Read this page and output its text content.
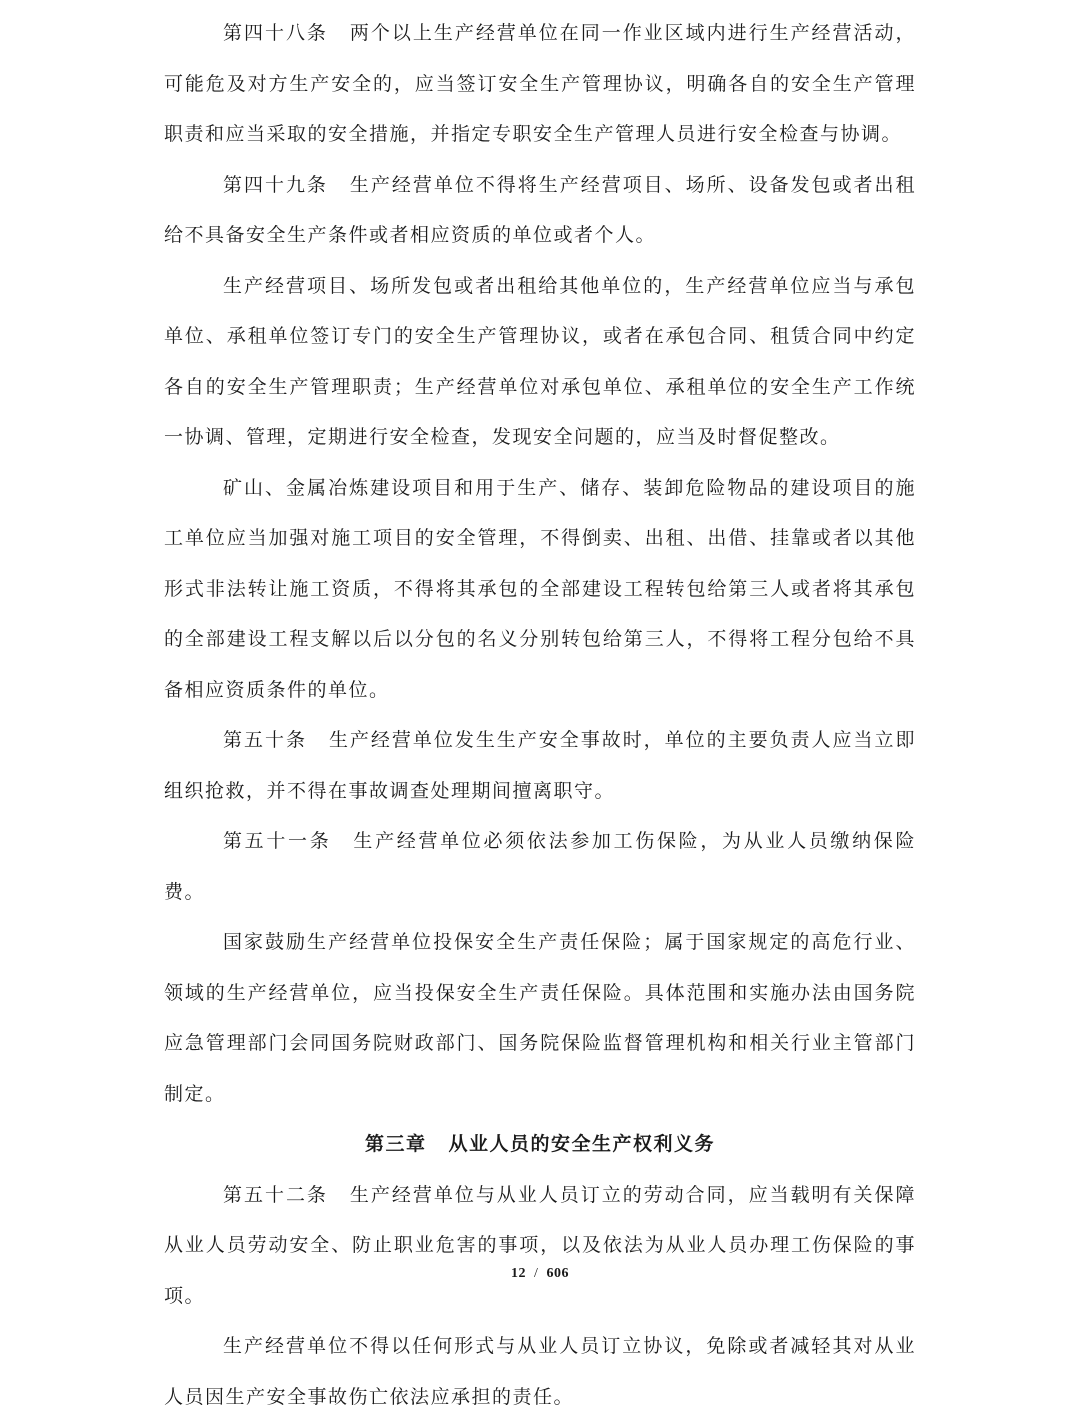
第四十八条 两个以上生产经营单位在同一作业区域内进行生产经营活动，可能危及对方生产安全的，应当签订安全生产管理协议，明确各自的安全生产管理职责和应当采取的安全措施，并指定专职安全生产管理人员进行安全检查与协调。

第四十九条 生产经营单位不得将生产经营项目、场所、设备发包或者出租给不具备安全生产条件或者相应资质的单位或者个人。

生产经营项目、场所发包或者出租给其他单位的，生产经营单位应当与承包单位、承租单位签订专门的安全生产管理协议，或者在承包合同、租赁合同中约定各自的安全生产管理职责；生产经营单位对承包单位、承租单位的安全生产工作统一协调、管理，定期进行安全检查，发现安全问题的，应当及时督促整改。

矿山、金属冶炼建设项目和用于生产、储存、装卸危险物品的建设项目的施工单位应当加强对施工项目的安全管理，不得倒卖、出租、出借、挂靠或者以其他形式非法转让施工资质，不得将其承包的全部建设工程转包给第三人或者将其承包的全部建设工程支解以后以分包的名义分别转包给第三人，不得将工程分包给不具备相应资质条件的单位。

第五十条 生产经营单位发生生产安全事故时，单位的主要负责人应当立即组织抢救，并不得在事故调查处理期间擅离职守。

第五十一条 生产经营单位必须依法参加工伤保险，为从业人员缴纳保险费。

国家鼓励生产经营单位投保安全生产责任保险；属于国家规定的高危行业、领域的生产经营单位，应当投保安全生产责任保险。具体范围和实施办法由国务院应急管理部门会同国务院财政部门、国务院保险监督管理机构和相关行业主管部门制定。

第三章 从业人员的安全生产权利义务

第五十二条 生产经营单位与从业人员订立的劳动合同，应当载明有关保障从业人员劳动安全、防止职业危害的事项，以及依法为从业人员办理工伤保险的事项。

生产经营单位不得以任何形式与从业人员订立协议，免除或者减轻其对从业人员因生产安全事故伤亡依法应承担的责任。

12 / 606
